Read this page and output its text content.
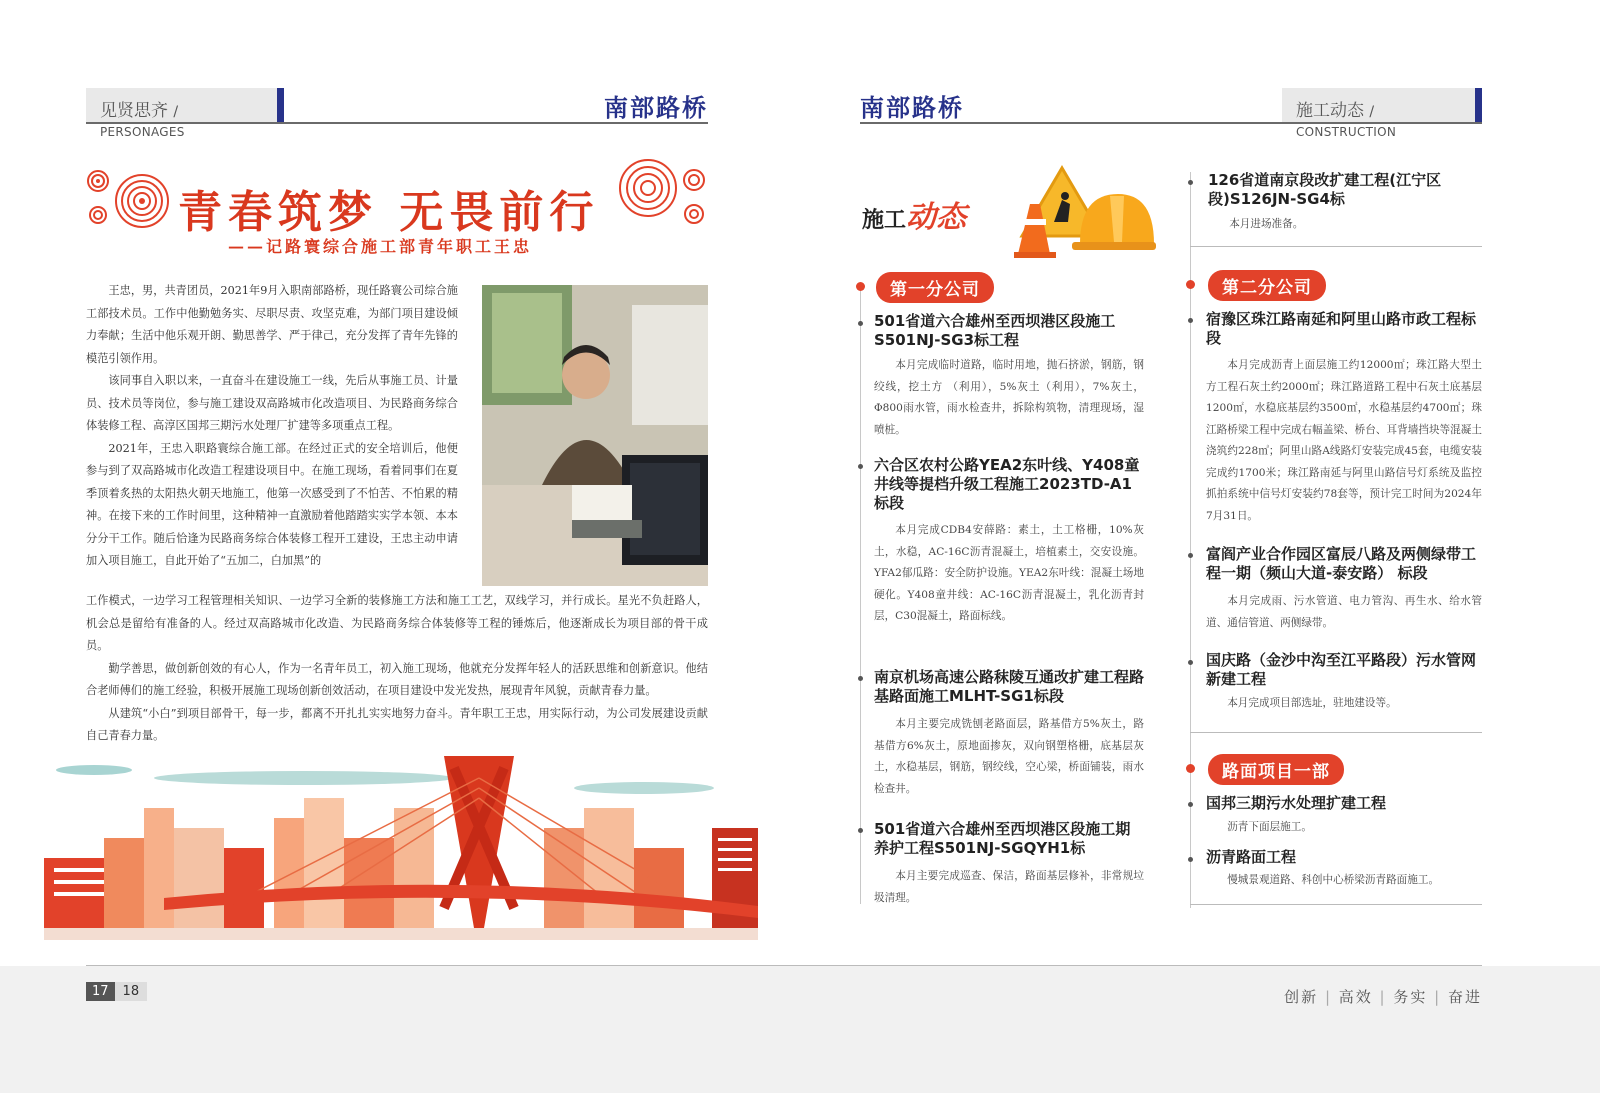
见贤思齐 / PERSONAGES
南部路桥
青春筑梦 无畏前行
——记路寰综合施工部青年职工王忠

王忠，男，共青团员，2021年9月入职南部路桥，现任路寰公司综合施工部技术员。工作中他勤勉务实、尽职尽责、攻坚克难，为部门项目建设倾力奉献；生活中他乐观开朗、勤思善学、严于律己，充分发挥了青年先锋的模范引领作用。

该同事自入职以来，一直奋斗在建设施工一线，先后从事施工员、计量员、技术员等岗位，参与施工建设双高路城市化改造项目、为民路商务综合体装修工程、高淳区国邦三期污水处理厂扩建等多项重点工程。

2021年，王忠入职路寰综合施工部。在经过正式的安全培训后，他便参与到了双高路城市化改造工程建设项目中。在施工现场，看着同事们在夏季顶着炙热的太阳热火朝天地施工，他第一次感受到了不怕苦、不怕累的精神。在接下来的工作时间里，这种精神一直激励着他踏踏实实学本领、本本分分干工作。随后恰逢为民路商务综合体装修工程开工建设，王忠主动申请加入项目施工，自此开始了“五加二，白加黑”的

工作模式，一边学习工程管理相关知识、一边学习全新的装修施工方法和施工工艺，双线学习，并行成长。星光不负赶路人，机会总是留给有准备的人。经过双高路城市化改造、为民路商务综合体装修等工程的锤炼后，他逐渐成长为项目部的骨干成员。

勤学善思，做创新创效的有心人，作为一名青年员工，初入施工现场，他就充分发挥年轻人的活跃思维和创新意识。他结合老师傅们的施工经验，积极开展施工现场创新创效活动，在项目建设中发光发热，展现青年风貌，贡献青春力量。

从建筑“小白”到项目部骨干，每一步，都离不开扎扎实实地努力奋斗。青年职工王忠，用实际行动，为公司发展建设贡献自己青春力量。

南部路桥	施工动态 / CONSTRUCTION
施工动态
第一分公司
501省道六合雄州至西坝港区段施工S501NJ-SG3标工程
本月完成临时道路，临时用地，抛石挤淤，钢筋，钢绞线，挖土方 （利用），5%灰土（利用），7%灰土，Φ800雨水管，雨水检查井，拆除构筑物，清理现场，湿喷桩。
六合区农村公路YEA2东叶线、Y408童井线等提档升级工程施工2023TD-A1标段
本月完成CDB4安薛路：素土，土工格栅，10%灰土，水稳，AC-16C沥青混凝土，培植素土，交安设施。YFA2郁瓜路：安全防护设施。YEA2东叶线：混凝土场地硬化。Y408童井线：AC-16C沥青混凝土，乳化沥青封层，C30混凝土，路面标线。
南京机场高速公路秣陵互通改扩建工程路基路面施工MLHT-SG1标段
本月主要完成铣刨老路面层，路基借方5%灰土，路基借方6%灰土，原地面掺灰，双向钢塑格栅，底基层灰土，水稳基层，钢筋，钢绞线，空心梁，桥面铺装，雨水检查井。
501省道六合雄州至西坝港区段施工期养护工程S501NJ-SGQYH1标
本月主要完成巡查、保洁，路面基层修补，非常规垃圾清理。
126省道南京段改扩建工程(江宁区段)S126JN-SG4标
本月进场准备。
第二分公司
宿豫区珠江路南延和阿里山路市政工程标段
本月完成沥青上面层施工约12000㎡；珠江路大型土方工程石灰土约2000㎡；珠江路道路工程中石灰土底基层1200㎡，水稳底基层约3500㎡，水稳基层约4700㎡；珠江路桥梁工程中完成右幅盖梁、桥台、耳背墙挡块等混凝土浇筑约228㎥；阿里山路A线路灯安装完成45套，电缆安装完成约1700米；珠江路南延与阿里山路信号灯系统及监控抓拍系统中信号灯安装约78套等，预计完工时间为2024年7月31日。
富阎产业合作园区富辰八路及两侧绿带工程一期（频山大道-泰安路） 标段
本月完成雨、污水管道、电力管沟、再生水、给水管道、通信管道、两侧绿带。
国庆路（金沙中沟至江平路段）污水管网新建工程
本月完成项目部选址，驻地建设等。
路面项目一部
国邦三期污水处理扩建工程
沥青下面层施工。
沥青路面工程
慢城景观道路、科创中心桥梁沥青路面施工。
17 18	创新 | 高效 | 务实 | 奋进
